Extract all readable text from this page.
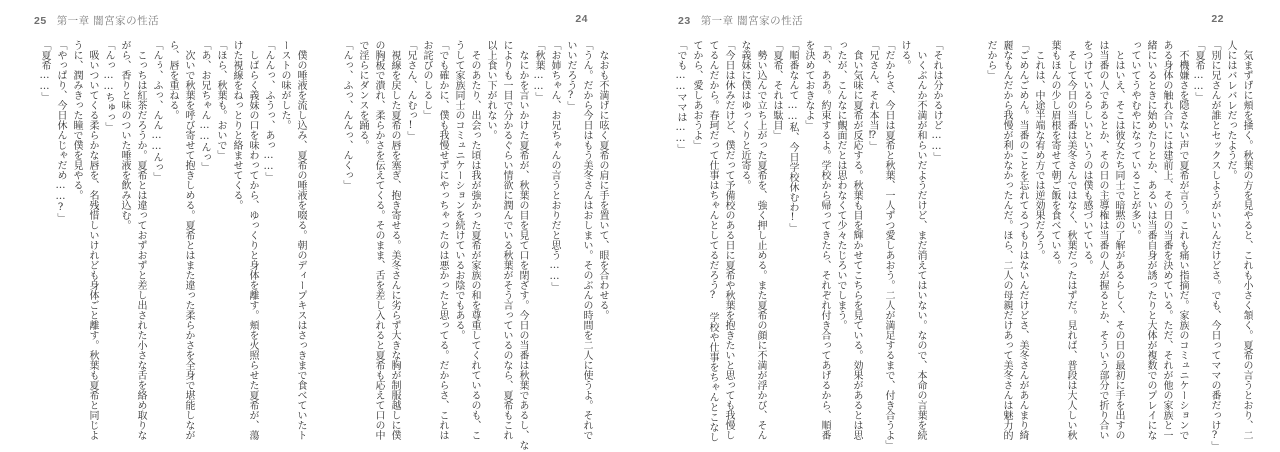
25 第一章 闇宮家の性活

僕の唾液を流し込み、夏希の唾液を啜る。朝のディープキスはさっきまで食べていたト

ーストの味がした。

「んんっ、ふうっ、あっ……」

しばらく義妹の口を味わってから、ゆっくりと身体を離す。頬を火照らせた夏希が、蕩

けた視線をねっとりと絡ませてくる。

「ほら、秋葉も。おいで」

「あ、お兄ちゃん……んっ」

次いで秋葉を呼び寄せて抱きしめる。夏希とはまた違った柔らかさを全身で堪能しなが

ら、唇を重ねる。

「んぅ、ふっ、んん……んっ」

こっちは紅茶だろうか。夏希とは違っておずおずと差し出された小さな舌を絡め取りな

がら、香りと味のついた唾液を飲み込む。

「んっ……ちゅっ」

吸いついてくる柔らかな唇を、名残惜しいけれども身体ごと離す。秋葉も夏希と同じよ

うに、潤みきった瞳で僕を見やる。

「やっぱり、今日休んじゃだめ……?」

「夏希……」

24

なおも不満げに呟く夏希の肩に手を置いて、眼を合わせる。

「うん。だから今日はもう美冬さんはおしまい。そのぶんの時間を二人に使うよ。それで

いいだろう?」

「お姉ちゃん、お兄ちゃんの言うとおりだと思う……」

「秋葉……」

なにかを言いかけた夏希が、秋葉の目を見て口を閉ざす。今日の当番は秋葉であるし、な

によりも一目で分かるぐらい情欲に潤んでいる秋葉がそう言っているのなら、夏希もこれ

以上食い下がれない。

そのあたり、出会った頃は我が強かった夏希が家族の和を尊重してくれているのも、こ

うして家族同士のコミュニケーションを続けているお陰でもある。

「でも確かに、僕も我慢せずにやっちゃったのは悪かったと思ってる。だからさ、これは

お詫びのしるし」

「兄さん、んむっ!」

視線を戻した夏希の唇を塞ぎ、抱き寄せる。美冬さんに劣らず大きな胸が制服越しに僕

の胸板で潰れ、柔らかさを伝えてくる。そのまま、舌を差し入れると夏希も応えて口の中

で淫らにダンスを踊る。

「んっ、ふっ、んんっ、んくっ」

23 第一章 闇宮家の性活

「それは分かるけど……」

いくぶんか不満が和らいだようだけど、まだ消えてはいない。なので、本命の言葉を続

ける。

「だからさ、今日は夏希と秋葉、一人ずつ愛しあおう。二人が満足するまで、付き合うよ」

「兄さん、それ本当⁉」

食い気味に夏希が反応する。秋葉も目を輝かせてこちらを見ている。効果があるとは思

ったが、こんなに覿面だとは思わなくて少々たじろいでしまう。

「あ、ああ。約束するよ。学校から帰ってきたら、それぞれ付き合ってあげるから、順番

を決めておきなよ」

「順番なんて……私、今日学校休むわ!」

「夏希、それは駄目」

勢い込んで立ち上がった夏希を、強く押し止める。また夏希の顔に不満が浮かび、そん

な義妹に僕はゆっくりと近寄る。

「今日は休みだけど、僕だって予備校のある日に夏希や秋葉を抱きたいと思っても我慢し

てるんだから。春珂だって仕事はちゃんとしてるだろう? 学校や仕事をちゃんとこなし

てから、愛しあおうよ」

「でも……ママは……」

22

気まずげに頬を掻く。秋葉の方を見やると、これも小さく頷く。夏希の言うとおり、二

人にはバレバレだったようだ。

「別に兄さんが誰とセックスしようがいいんだけどさ。でも、今日ってママの番だっけ?」

「夏希……」

不機嫌さを隠さない声で夏希が言う。これも痛い指摘だ。家族のコミュニケーションで

ある身体の触れ合いには建前上、その日の当番を決めている。ただ、それが他の家族と一

緒にいるときに始めたりとか、あるいは当番自身が誘ったりと大体が複数でのプレイにな

っていてうやむやになっていることが多い。

とはいえ、そこは彼女たち同士で暗黙の了解があるらしく、その日の最初に手を出すの

は当番の人であるとか、その日の主導権は当番の人が握るとか、そういう部分で折り合い

をつけているらしいというのは僕も感づいている。

そして今日の当番は美冬さんではなく、秋葉だったはずだ。見れば、普段は大人しい秋

葉もほんの少し眉根を寄せて朝ご飯を食べている。

これは、中途半端な宥め方では逆効果だろう。

「ごめんごめん。当番のことを忘れてるつもりはないんだけどさ、美冬さんがあんまり綺

麗なもんだから我慢が利かなかったんだ。ほら、二人の母親だけあって美冬さんは魅力的

だから」
